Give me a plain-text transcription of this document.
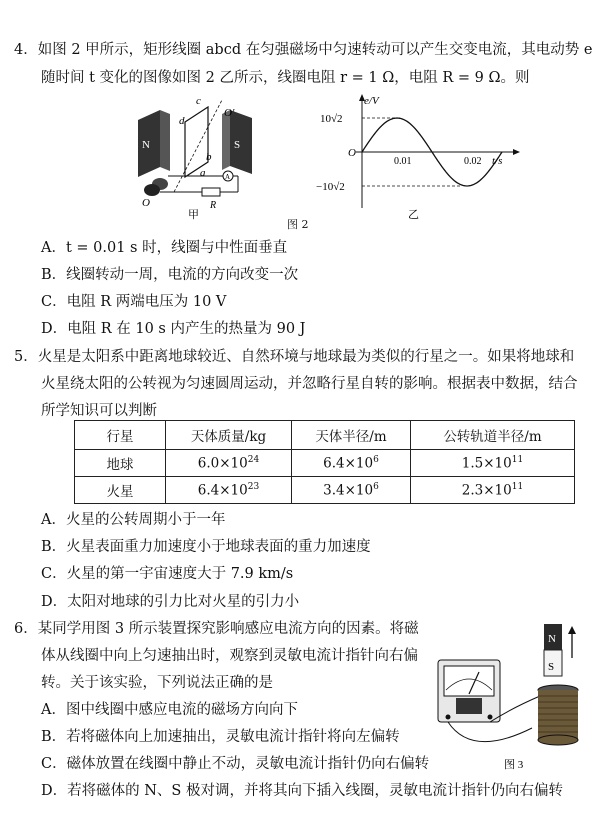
4．如图 2 甲所示，矩形线圈 abcd 在匀强磁场中匀速转动可以产生交变电流，其电动势 e
随时间 t 变化的图像如图 2 乙所示，线圈电阻 r = 1 Ω，电阻 R = 9 Ω。则
N	S
c
d
b
a
O'
O
A
R
甲
图 2
e/V
10√2
−10√2
O
0.01	0.02 t/s
乙
A．t = 0.01 s 时，线圈与中性面垂直
B．线圈转动一周，电流的方向改变一次
C．电阻 R 两端电压为 10 V
D．电阻 R 在 10 s 内产生的热量为 90 J
5．火星是太阳系中距离地球较近、自然环境与地球最为类似的行星之一。如果将地球和
火星绕太阳的公转视为匀速圆周运动，并忽略行星自转的影响。根据表中数据，结合
所学知识可以判断
行星	天体质量/kg	天体半径/m	公转轨道半径/m
地球	$6.0\times 10^{24}$	$6.4\times 10^6$	$1.5\times 10^{11}$
火星	$6.4\times 10^{23}$	$3.4\times 10^6$	$2.3\times 10^{11}$
A．火星的公转周期小于一年
B．火星表面重力加速度小于地球表面的重力加速度
C．火星的第一宇宙速度大于 7.9 km/s
D．太阳对地球的引力比对火星的引力小
6．某同学用图 3 所示装置探究影响感应电流方向的因素。将磁
体从线圈中向上匀速抽出时，观察到灵敏电流计指针向右偏
转。关于该实验，下列说法正确的是
A．图中线圈中感应电流的磁场方向向下
B．若将磁体向上加速抽出，灵敏电流计指针将向左偏转
C．磁体放置在线圈中静止不动，灵敏电流计指针仍向右偏转
D．若将磁体的 N、S 极对调，并将其向下插入线圈，灵敏电流计指针仍向右偏转
N
S
图 3
